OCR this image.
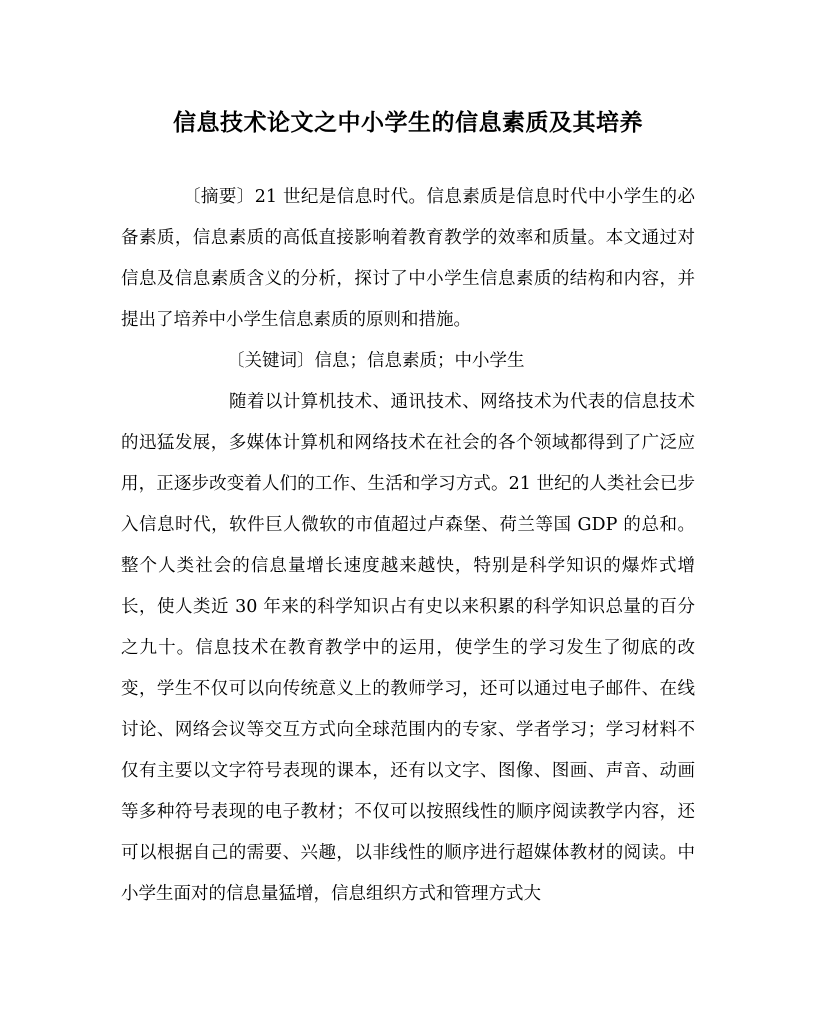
信息技术论文之中小学生的信息素质及其培养

〔摘要〕21 世纪是信息时代。信息素质是信息时代中小学生的必备素质，信息素质的高低直接影响着教育教学的效率和质量。本文通过对信息及信息素质含义的分析，探讨了中小学生信息素质的结构和内容，并提出了培养中小学生信息素质的原则和措施。

〔关键词〕信息；信息素质；中小学生

随着以计算机技术、通讯技术、网络技术为代表的信息技术的迅猛发展，多媒体计算机和网络技术在社会的各个领域都得到了广泛应用，正逐步改变着人们的工作、生活和学习方式。21 世纪的人类社会已步入信息时代，软件巨人微软的市值超过卢森堡、荷兰等国 GDP 的总和。整个人类社会的信息量增长速度越来越快，特别是科学知识的爆炸式增长，使人类近 30 年来的科学知识占有史以来积累的科学知识总量的百分之九十。信息技术在教育教学中的运用，使学生的学习发生了彻底的改变，学生不仅可以向传统意义上的教师学习，还可以通过电子邮件、在线讨论、网络会议等交互方式向全球范围内的专家、学者学习；学习材料不仅有主要以文字符号表现的课本，还有以文字、图像、图画、声音、动画等多种符号表现的电子教材；不仅可以按照线性的顺序阅读教学内容，还可以根据自己的需要、兴趣，以非线性的顺序进行超媒体教材的阅读。中小学生面对的信息量猛增，信息组织方式和管理方式大
